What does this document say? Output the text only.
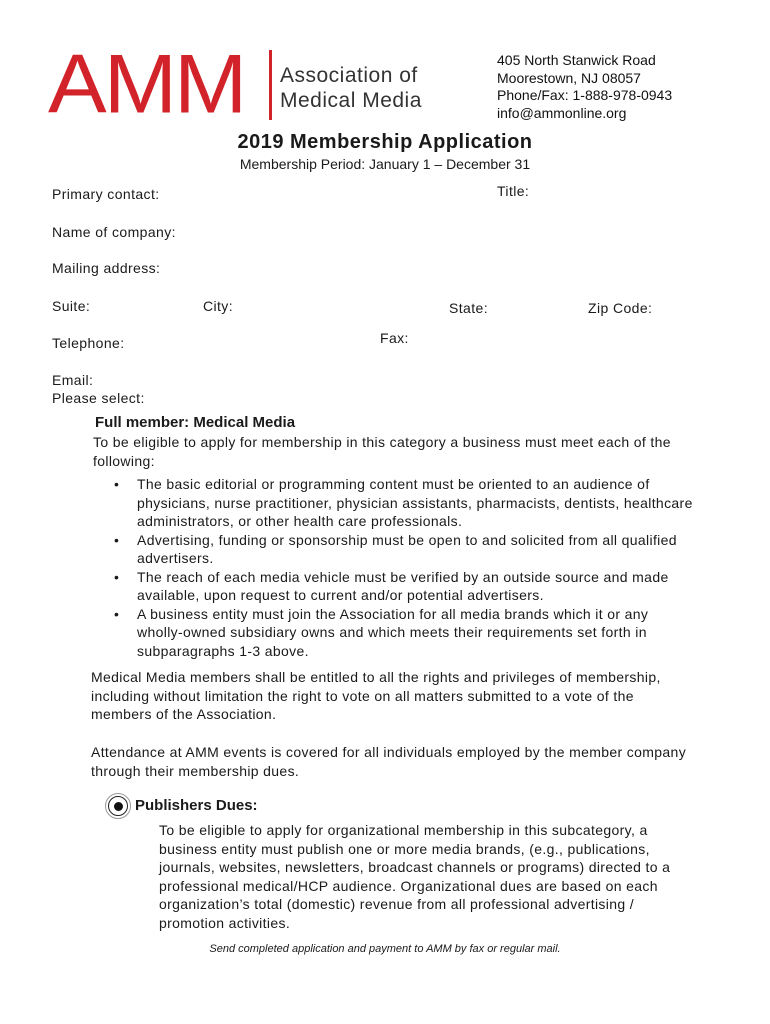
AMM Association of
Medical Media
405 North Stanwick Road
Moorestown, NJ 08057
Phone/Fax: 1-888-978-0943
info@ammonline.org
2019 Membership Application
Membership Period: January 1 – December 31
Primary contact:	Title:
Name of company:
Mailing address:
Suite:	City:	State:	Zip Code:
Telephone:	Fax:
Email:
Please select:
Full member: Medical Media
To be eligible to apply for membership in this category a business must meet each of the following:
• The basic editorial or programming content must be oriented to an audience of physicians, nurse practitioner, physician assistants, pharmacists, dentists, healthcare administrators, or other health care professionals.
• Advertising, funding or sponsorship must be open to and solicited from all qualified advertisers.
• The reach of each media vehicle must be verified by an outside source and made available, upon request to current and/or potential advertisers.
• A business entity must join the Association for all media brands which it or any wholly-owned subsidiary owns and which meets their requirements set forth in subparagraphs 1-3 above.
Medical Media members shall be entitled to all the rights and privileges of membership, including without limitation the right to vote on all matters submitted to a vote of the members of the Association.
Attendance at AMM events is covered for all individuals employed by the member company through their membership dues.
Publishers Dues:
To be eligible to apply for organizational membership in this subcategory, a business entity must publish one or more media brands, (e.g., publications, journals, websites, newsletters, broadcast channels or programs) directed to a professional medical/HCP audience. Organizational dues are based on each organization’s total (domestic) revenue from all professional advertising / promotion activities.
Send completed application and payment to AMM by fax or regular mail.
